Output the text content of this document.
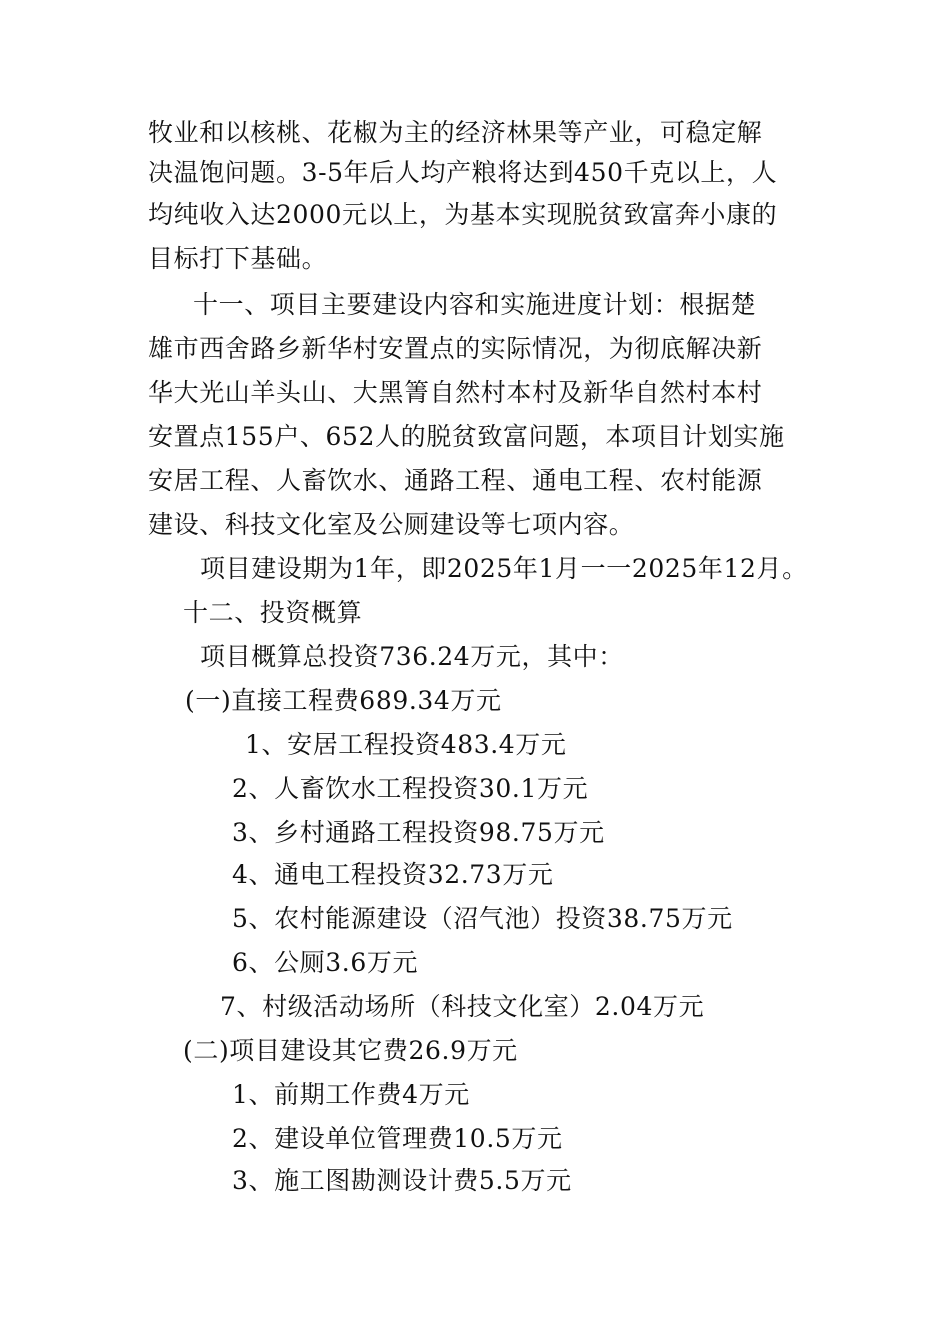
牧业和以核桃、花椒为主的经济林果等产业，可稳定解
决温饱问题。3-5年后人均产粮将达到450千克以上，人
均纯收入达2000元以上，为基本实现脱贫致富奔小康的
目标打下基础。
十一、项目主要建设内容和实施进度计划：根据楚
雄市西舍路乡新华村安置点的实际情况，为彻底解决新
华大光山羊头山、大黑箐自然村本村及新华自然村本村
安置点155户、652人的脱贫致富问题，本项目计划实施
安居工程、人畜饮水、通路工程、通电工程、农村能源
建设、科技文化室及公厕建设等七项内容。
项目建设期为1年，即2025年1月一一2025年12月。
十二、投资概算
项目概算总投资736.24万元，其中：
(一)直接工程费689.34万元
1、安居工程投资483.4万元
2、人畜饮水工程投资30.1万元
3、乡村通路工程投资98.75万元
4、通电工程投资32.73万元
5、农村能源建设（沼气池）投资38.75万元
6、公厕3.6万元
7、村级活动场所（科技文化室）2.04万元
(二)项目建设其它费26.9万元
1、前期工作费4万元
2、建设单位管理费10.5万元
3、施工图勘测设计费5.5万元
